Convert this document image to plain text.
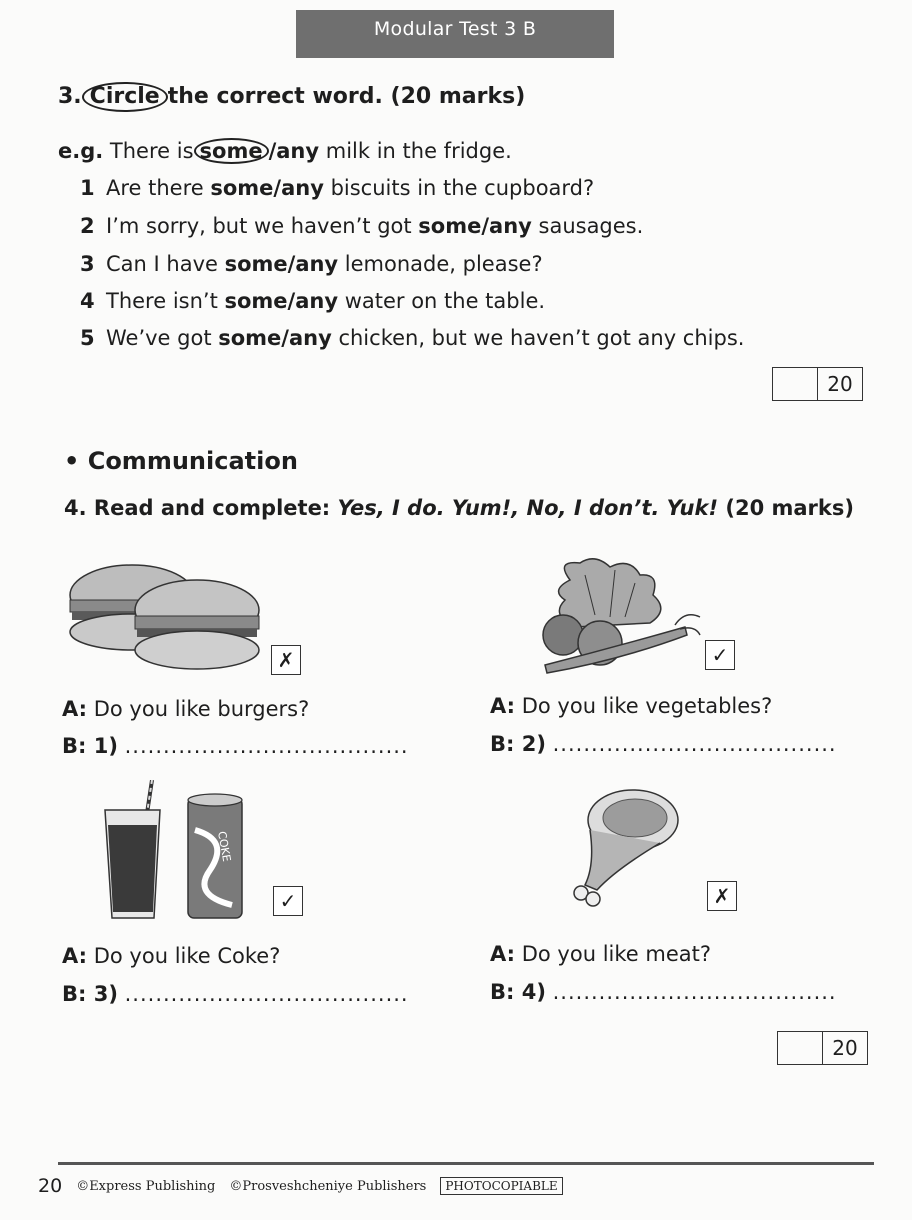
Modular Test 3 B
3. Circle the correct word. (20 marks)
e.g. There is some /any milk in the fridge.
1 Are there some/any biscuits in the cupboard?
2 I’m sorry, but we haven’t got some/any sausages.
3 Can I have some/any lemonade, please?
4 There isn’t some/any water on the table.
5 We’ve got some/any chicken, but we haven’t got any chips.
20
• Communication
4. Read and complete: Yes, I do. Yum!, No, I don’t. Yuk! (20 marks)
✗	✓
A: Do you like burgers?
B: 1) .....................................
A: Do you like vegetables?
B: 2) .....................................
COKE
✓	✗
A: Do you like Coke?
B: 3) .....................................
A: Do you like meat?
B: 4) .....................................
20
20 ©Express Publishing ©Prosveshcheniye Publishers	PHOTOCOPIABLE
